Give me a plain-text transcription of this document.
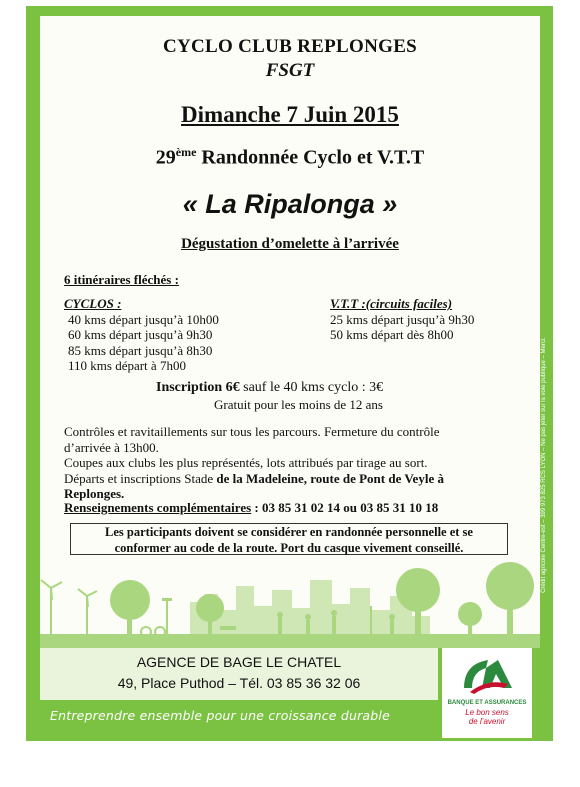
CYCLO CLUB REPLONGES
FSGT
Dimanche 7 Juin 2015
29ème Randonnée Cyclo et V.T.T
« La Ripalonga »
Dégustation d’omelette à l’arrivée
6 itinéraires fléchés :
CYCLOS :
40 kms départ jusqu’à 10h00
60 kms départ jusqu’à 9h30
85 kms départ jusqu’à 8h30
110 kms départ à 7h00
V.T.T :(circuits faciles)
25 kms départ jusqu’à 9h30
50 kms départ dès 8h00
Inscription 6€ sauf le 40 kms cyclo : 3€
Gratuit pour les moins de 12 ans
Contrôles et ravitaillements sur tous les parcours. Fermeture du contrôle
d’arrivée à 13h00.
Coupes aux clubs les plus représentés, lots attribués par tirage au sort.
Départs et inscriptions Stade de la Madeleine, route de Pont de Veyle à
Replonges.
Renseignements complémentaires : 03 85 31 02 14 ou 03 85 31 10 18
Les participants doivent se considérer en randonnée personnelle et se
conformer au code de la route. Port du casque vivement conseillé.	Crédit agricole Centre-est – 399 973 825 RCS LYON – Ne pas jeter sur la voie publique – Merci.
AGENCE DE BAGE LE CHATEL
49, Place Puthod – Tél. 03 85 36 32 06
BANQUE ET ASSURANCES
Le bon sens
de l’avenir
Entreprendre ensemble pour une croissance durable
